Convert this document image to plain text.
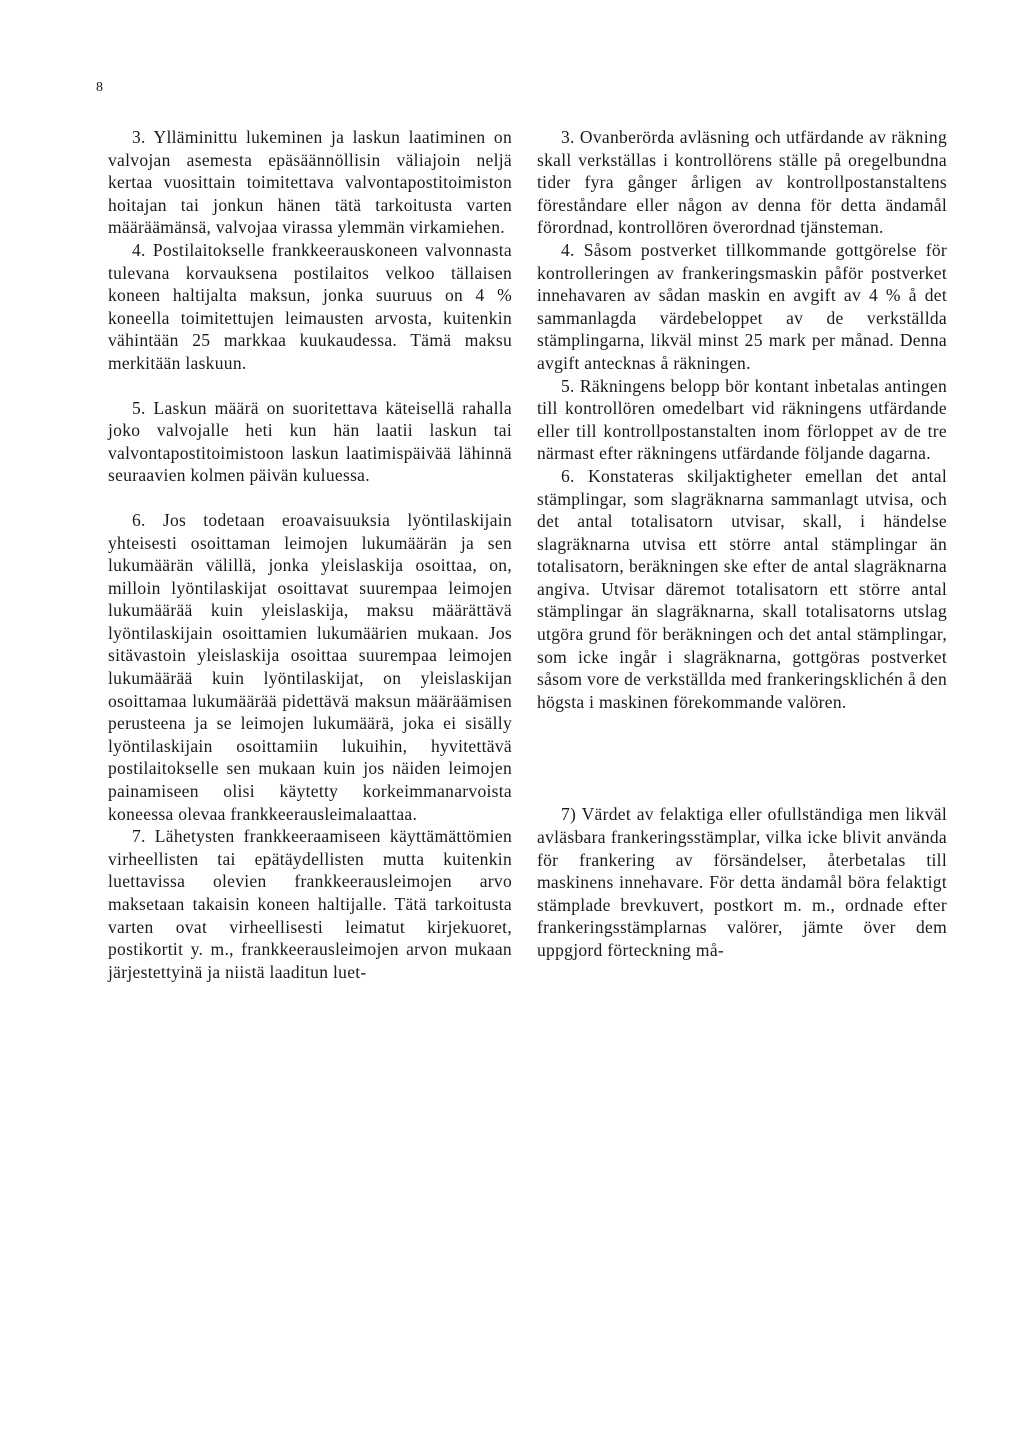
8

3. Ylläminittu lukeminen ja laskun laatiminen on valvojan asemesta epäsäännöllisin väliajoin neljä kertaa vuosittain toimitettava valvontapostitoimiston hoitajan tai jonkun hänen tätä tarkoitusta varten määräämänsä, valvojaa virassa ylemmän virkamiehen.

4. Postilaitokselle frankkeerauskoneen valvonnasta tulevana korvauksena postilaitos velkoo tällaisen koneen haltijalta maksun, jonka suuruus on 4 % koneella toimitettujen leimausten arvosta, kuitenkin vähintään 25 markkaa kuukaudessa. Tämä maksu merkitään laskuun.

5. Laskun määrä on suoritettava käteisellä rahalla joko valvojalle heti kun hän laatii laskun tai valvontapostitoimistoon laskun laatimispäivää lähinnä seuraavien kolmen päivän kuluessa.

6. Jos todetaan eroavaisuuksia lyöntilaskijain yhteisesti osoittaman leimojen lukumäärän ja sen lukumäärän välillä, jonka yleislaskija osoittaa, on, milloin lyöntilaskijat osoittavat suurempaa leimojen lukumäärää kuin yleislaskija, maksu määrättävä lyöntilaskijain osoittamien lukumäärien mukaan. Jos sitävastoin yleislaskija osoittaa suurempaa leimojen lukumäärää kuin lyöntilaskijat, on yleislaskijan osoittamaa lukumäärää pidettävä maksun määräämisen perusteena ja se leimojen lukumäärä, joka ei sisälly lyöntilaskijain osoittamiin lukuihin, hyvitettävä postilaitokselle sen mukaan kuin jos näiden leimojen painamiseen olisi käytetty korkeimmanarvoista koneessa olevaa frankkeerausleimalaattaa.

7. Lähetysten frankkeeraamiseen käyttämättömien virheellisten tai epätäydellisten mutta kuitenkin luettavissa olevien frankkeerausleimojen arvo maksetaan takaisin koneen haltijalle. Tätä tarkoitusta varten ovat virheellisesti leimatut kirjekuoret, postikortit y. m., frankkeerausleimojen arvon mukaan järjestettyinä ja niistä laaditun luet-

3. Ovanberörda avläsning och utfärdande av räkning skall verkställas i kontrollörens ställe på oregelbundna tider fyra gånger årligen av kontrollpostanstaltens föreståndare eller någon av denna för detta ändamål förordnad, kontrollören överordnad tjänsteman.

4. Såsom postverket tillkommande gottgörelse för kontrolleringen av frankeringsmaskin påför postverket innehavaren av sådan maskin en avgift av 4 % å det sammanlagda värdebeloppet av de verkställda stämplingarna, likväl minst 25 mark per månad. Denna avgift antecknas å räkningen.

5. Räkningens belopp bör kontant inbetalas antingen till kontrollören omedelbart vid räkningens utfärdande eller till kontrollpostanstalten inom förloppet av de tre närmast efter räkningens utfärdande följande dagarna.

6. Konstateras skiljaktigheter emellan det antal stämplingar, som slagräknarna sammanlagt utvisa, och det antal totalisatorn utvisar, skall, i händelse slagräknarna utvisa ett större antal stämplingar än totalisatorn, beräkningen ske efter de antal slagräknarna angiva. Utvisar däremot totalisatorn ett större antal stämplingar än slagräknarna, skall totalisatorns utslag utgöra grund för beräkningen och det antal stämplingar, som icke ingår i slagräknarna, gottgöras postverket såsom vore de verkställda med frankeringsklichén å den högsta i maskinen förekommande valören.

7) Värdet av felaktiga eller ofullständiga men likväl avläsbara frankeringsstämplar, vilka icke blivit använda för frankering av försändelser, återbetalas till maskinens innehavare. För detta ändamål böra felaktigt stämplade brevkuvert, postkort m. m., ordnade efter frankeringsstämplarnas valörer, jämte över dem uppgjord förteckning må-
